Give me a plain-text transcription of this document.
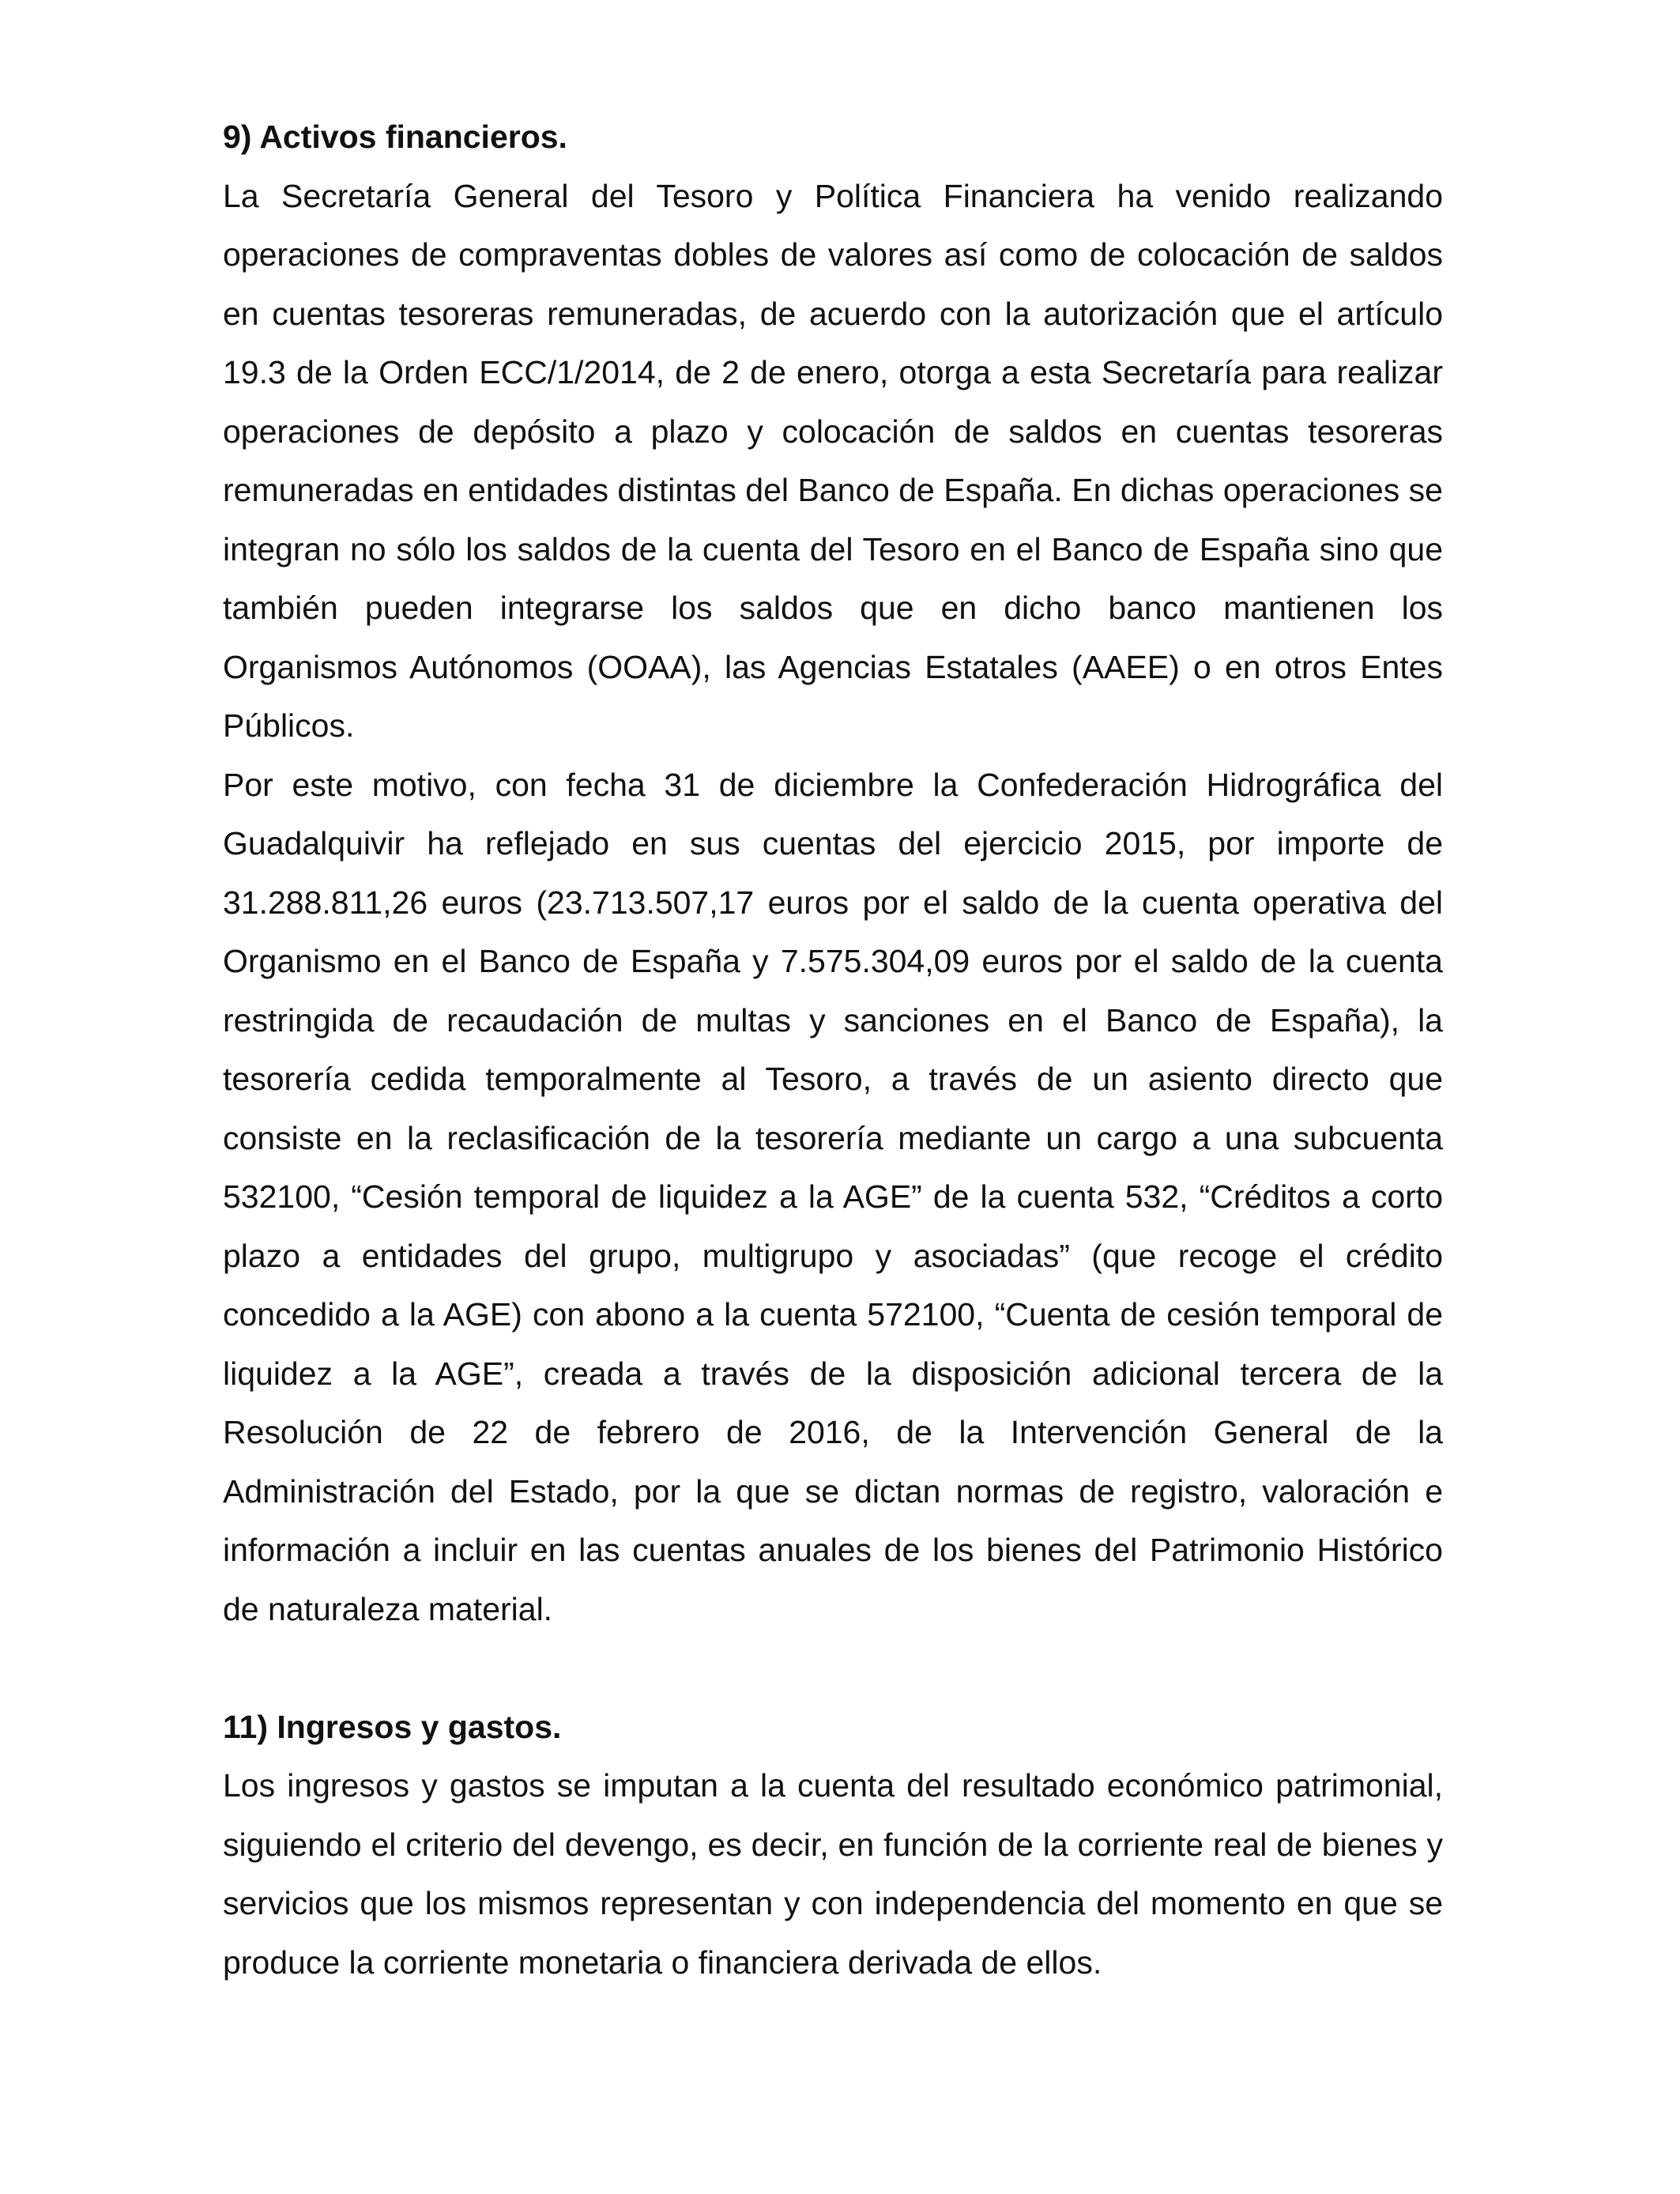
9) Activos financieros.

La Secretaría General del Tesoro y Política Financiera ha venido realizando operaciones de compraventas dobles de valores así como de colocación de saldos en cuentas tesoreras remuneradas, de acuerdo con la autorización que el artículo 19.3 de la Orden ECC/1/2014, de 2 de enero, otorga a esta Secretaría para realizar operaciones de depósito a plazo y colocación de saldos en cuentas tesoreras remuneradas en entidades distintas del Banco de España. En dichas operaciones se integran no sólo los saldos de la cuenta del Tesoro en el Banco de España sino que también pueden integrarse los saldos que en dicho banco mantienen los Organismos Autónomos (OOAA), las Agencias Estatales (AAEE) o en otros Entes Públicos.

Por este motivo, con fecha 31 de diciembre la Confederación Hidrográfica del Guadalquivir ha reflejado en sus cuentas del ejercicio 2015, por importe de 31.288.811,26 euros (23.713.507,17 euros por el saldo de la cuenta operativa del Organismo en el Banco de España y 7.575.304,09 euros por el saldo de la cuenta restringida de recaudación de multas y sanciones en el Banco de España), la tesorería cedida temporalmente al Tesoro, a través de un asiento directo que consiste en la reclasificación de la tesorería mediante un cargo a una subcuenta 532100, “Cesión temporal de liquidez a la AGE” de la cuenta 532, “Créditos a corto plazo a entidades del grupo, multigrupo y asociadas” (que recoge el crédito concedido a la AGE) con abono a la cuenta 572100, “Cuenta de cesión temporal de liquidez a la AGE”, creada a través de la disposición adicional tercera de la Resolución de 22 de febrero de 2016, de la Intervención General de la Administración del Estado, por la que se dictan normas de registro, valoración e información a incluir en las cuentas anuales de los bienes del Patrimonio Histórico de naturaleza material.

11) Ingresos y gastos.

Los ingresos y gastos se imputan a la cuenta del resultado económico patrimonial, siguiendo el criterio del devengo, es decir, en función de la corriente real de bienes y servicios que los mismos representan y con independencia del momento en que se produce la corriente monetaria o financiera derivada de ellos.
